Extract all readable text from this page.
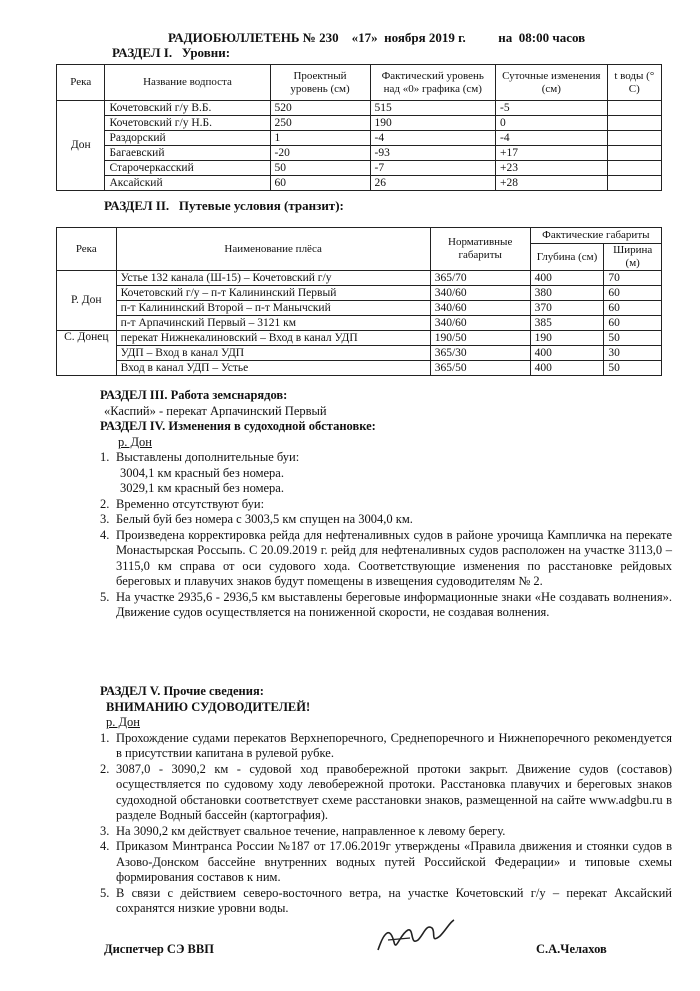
РАДИОБЮЛЛЕТЕНЬ № 230    «17»  ноября 2019 г.          на  08:00 часов
РАЗДЕЛ I.   Уровни:
Река	Название водпоста	Проектный уровень (см)	Фактический уровень над «0» графика (см)	Суточные изменения (см)	t воды (° С)
Дон	Кочетовский г/у В.Б.	520	515	-5	
	Кочетовский г/у Н.Б.	250	190	0	
	Раздорский	1	-4	-4	
	Багаевский	-20	-93	+17	
	Старочеркасский	50	-7	+23	
	Аксайский	60	26	+28	
РАЗДЕЛ II.   Путевые условия (транзит):
Река	Наименование плёса	Нормативные габариты	Фактические габариты	
			Глубина (см)	Ширина (м)
Р. Дон	Устье 132 канала (Ш-15) – Кочетовский г/у	365/70	400	70
	Кочетовский г/у – п-т Калининский Первый	340/60	380	60
	п-т Калининский Второй – п-т Манычский	340/60	370	60
	п-т Арпачинский Первый – 3121 км	340/60	385	60
С. Донец	перекат Нижнекалиновский – Вход в канал УДП	190/50	190	50
	УДП – Вход в канал УДП	365/30	400	30
	Вход в канал УДП – Устье	365/50	400	50

РАЗДЕЛ III. Работа земснарядов:

«Каспий» - перекат Арпачинский Первый

РАЗДЕЛ IV. Изменения в судоходной обстановке:

р. Дон

1. Выставлены дополнительные буи:

3004,1 км красный без номера.

3029,1 км красный без номера.

2. Временно отсутствуют буи:
3. Белый буй без номера с 3003,5 км спущен на 3004,0 км.
4. Произведена корректировка рейда для нефтеналивных судов в районе урочища Кампличка на перекате Монастырская Россыпь. С 20.09.2019 г. рейд для нефтеналивных судов расположен на участке 3113,0 – 3115,0 км справа от оси судового хода. Соответствующие изменения по расстановке рейдовых береговых и плавучих знаков будут помещены в извещения судоводителям № 2.
5. На участке 2935,6 - 2936,5 км выставлены береговые информационные знаки «Не создавать волнения». Движение судов осуществляется на пониженной скорости, не создавая волнения.

РАЗДЕЛ V. Прочие сведения:

ВНИМАНИЮ СУДОВОДИТЕЛЕЙ!

р. Дон

1. Прохождение судами перекатов Верхнепоречного, Среднепоречного и Нижнепоречного рекомендуется в присутствии капитана в рулевой рубке.
2. 3087,0 - 3090,2 км - судовой ход правобережной протоки закрыт. Движение судов (составов) осуществляется по судовому ходу левобережной протоки. Расстановка плавучих и береговых знаков судоходной обстановки соответствует схеме расстановки знаков, размещенной на сайте www.adgbu.ru в разделе Водный бассейн (картография).
3. На 3090,2 км действует свальное течение, направленное к левому берегу.
4. Приказом Минтранса России №187 от 17.06.2019г утверждены «Правила движения и стоянки судов в Азово-Донском бассейне внутренних водных путей Российской Федерации» и типовые схемы формирования составов к ним.
5. В связи с действием северо-восточного ветра, на участке Кочетовский г/у – перекат Аксайский сохранятся низкие уровни воды.
Диспетчер СЭ ВВП	С.А.Челахов
